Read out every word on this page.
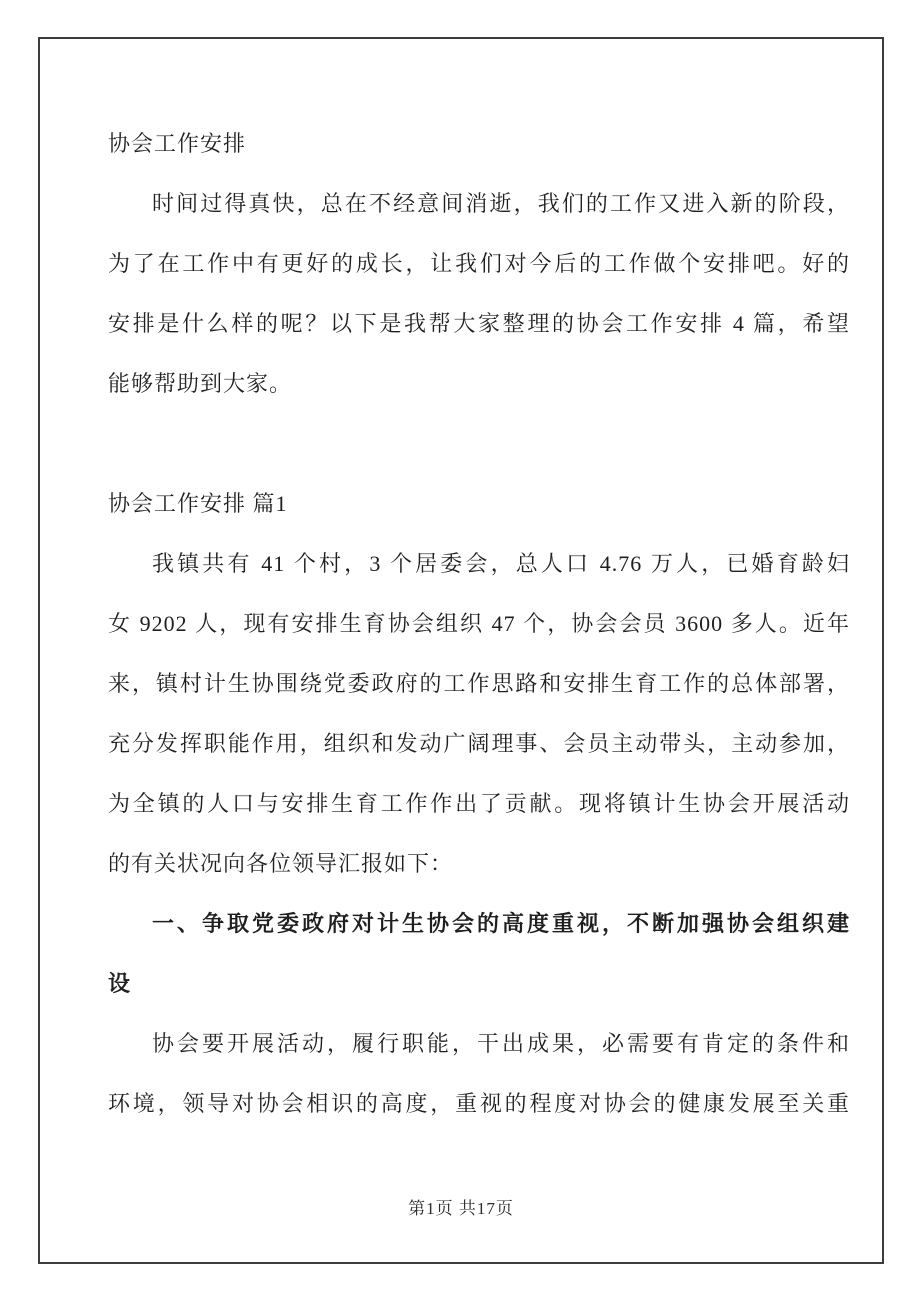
协会工作安排
时间过得真快，总在不经意间消逝，我们的工作又进入新的阶段，
为了在工作中有更好的成长，让我们对今后的工作做个安排吧。好的
安排是什么样的呢？以下是我帮大家整理的协会工作安排 4 篇，希望
能够帮助到大家。
协会工作安排 篇1
我镇共有 41 个村，3 个居委会，总人口 4.76 万人，已婚育龄妇
女 9202 人，现有安排生育协会组织 47 个，协会会员 3600 多人。近年
来，镇村计生协围绕党委政府的工作思路和安排生育工作的总体部署，
充分发挥职能作用，组织和发动广阔理事、会员主动带头，主动参加，
为全镇的人口与安排生育工作作出了贡献。现将镇计生协会开展活动
的有关状况向各位领导汇报如下：
一、争取党委政府对计生协会的高度重视，不断加强协会组织建
设
协会要开展活动，履行职能，干出成果，必需要有肯定的条件和
环境，领导对协会相识的高度，重视的程度对协会的健康发展至关重
第1页 共17页
